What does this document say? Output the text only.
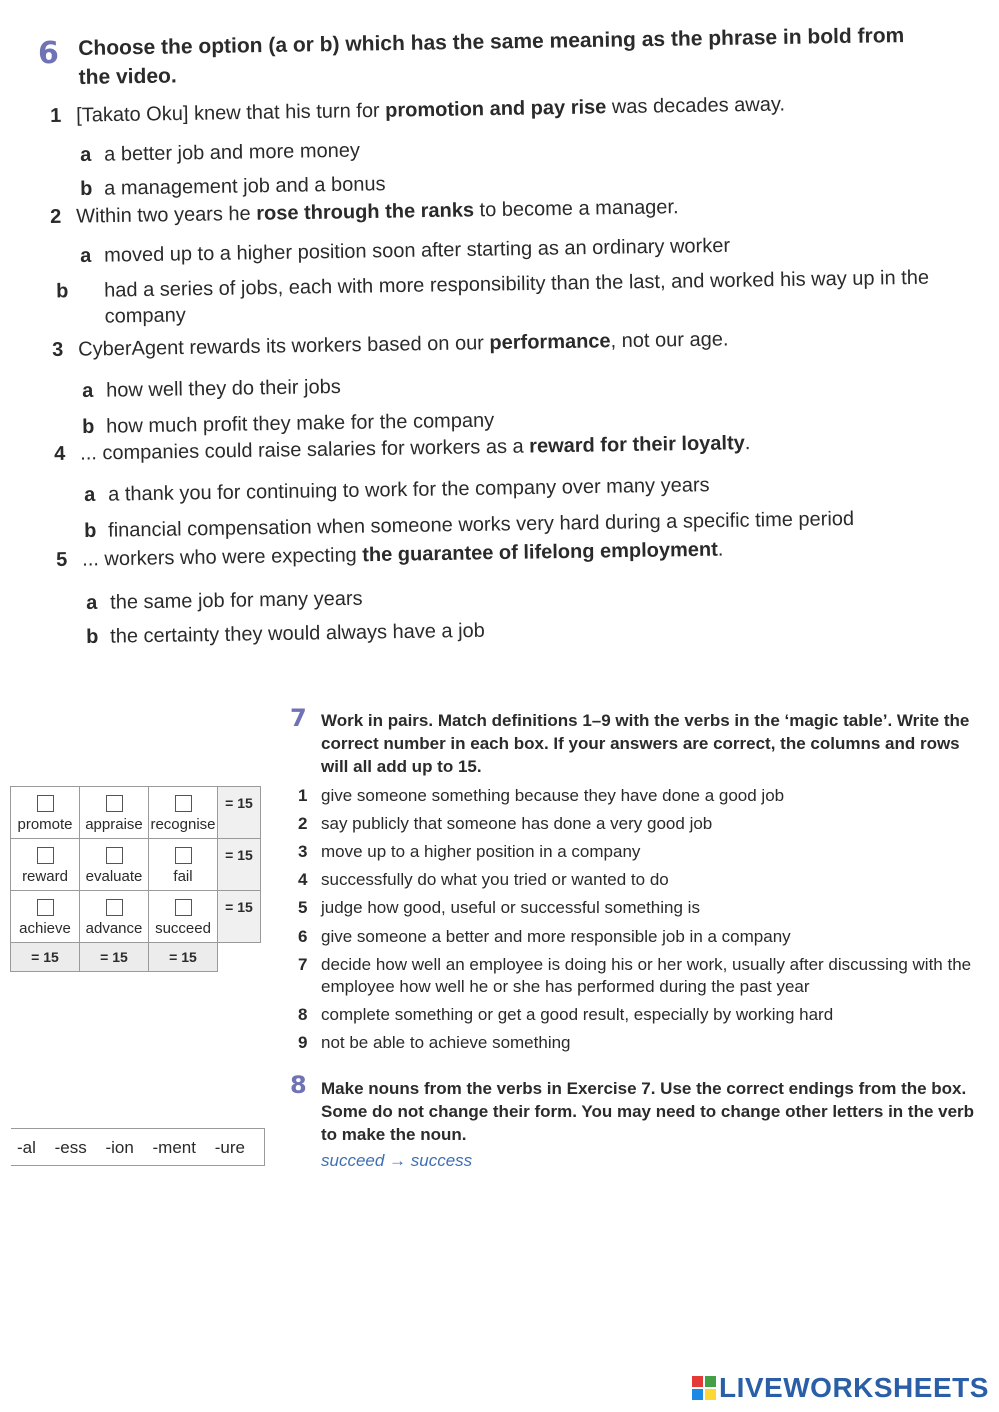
6 Choose the option (a or b) which has the same meaning as the phrase in bold from the video.
1 [Takato Oku] knew that his turn for promotion and pay rise was decades away.
a a better job and more money
b a management job and a bonus
2 Within two years he rose through the ranks to become a manager.
a moved up to a higher position soon after starting as an ordinary worker
b had a series of jobs, each with more responsibility than the last, and worked his way up in the company
3 CyberAgent rewards its workers based on our performance, not our age.
a how well they do their jobs
b how much profit they make for the company
4 ... companies could raise salaries for workers as a reward for their loyalty.
a a thank you for continuing to work for the company over many years
b financial compensation when someone works very hard during a specific time period
5 ... workers who were expecting the guarantee of lifelong employment.
a the same job for many years
b the certainty they would always have a job
7 Work in pairs. Match definitions 1–9 with the verbs in the ‘magic table’. Write the correct number in each box. If your answers are correct, the columns and rows will all add up to 15.
promote	appraise	recognise	= 15

reward	evaluate	fail	= 15

achieve	advance	succeed	= 15
= 15	= 15	= 15	
1 give someone something because they have done a good job
2 say publicly that someone has done a very good job
3 move up to a higher position in a company
4 successfully do what you tried or wanted to do
5 judge how good, useful or successful something is
6 give someone a better and more responsible job in a company
7 decide how well an employee is doing his or her work, usually after discussing with the employee how well he or she has performed during the past year
8 complete something or get a good result, especially by working hard
9 not be able to achieve something
8 Make nouns from the verbs in Exercise 7. Use the correct endings from the box. Some do not change their form. You may need to change other letters in the verb to make the noun.
succeed → success
-al -ess -ion -ment -ure
LIVEWORKSHEETS
